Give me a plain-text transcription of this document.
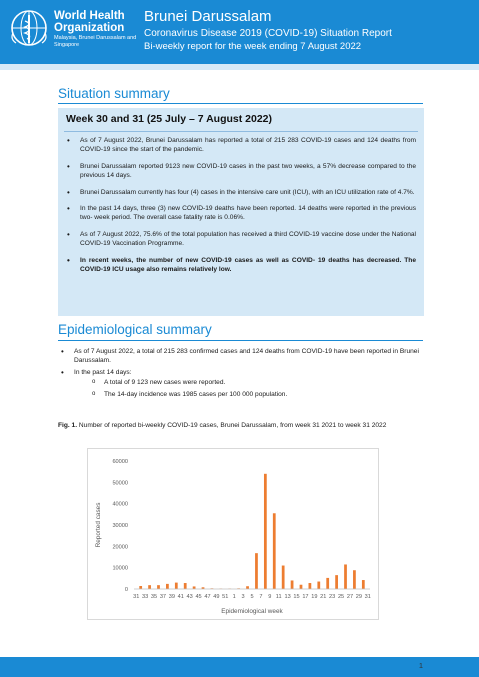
World Health Organization
Malaysia, Brunei Darussalam and Singapore
Brunei Darussalam
Coronavirus Disease 2019 (COVID-19) Situation Report
Bi-weekly report for the week ending 7 August 2022
Situation summary
Week 30 and 31 (25 July – 7 August 2022)
• As of 7 August 2022, Brunei Darussalam has reported a total of 215 283 COVID-19 cases and 124 deaths from COVID-19 since the start of the pandemic.
• Brunei Darussalam reported 9123 new COVID-19 cases in the past two weeks, a 57% decrease compared to the previous 14 days.
• Brunei Darussalam currently has four (4) cases in the intensive care unit (ICU), with an ICU utilization rate of 4.7%.
• In the past 14 days, three (3) new COVID-19 deaths have been reported. 14 deaths were reported in the previous two- week period. The overall case fatality rate is 0.06%.
• As of 7 August 2022, 75.6% of the total population has received a third COVID-19 vaccine dose under the National COVID-19 Vaccination Programme.
• In recent weeks, the number of new COVID-19 cases as well as COVID- 19 deaths has decreased. The COVID-19 ICU usage also remains relatively low.
Epidemiological summary
• As of 7 August 2022, a total of 215 283 confirmed cases and 124 deaths from COVID-19 have been reported in Brunei Darussalam.
• In the past 14 days:
o A total of 9 123 new cases were reported.
o The 14-day incidence was 1985 cases per 100 000 population.
Fig. 1. Number of reported bi-weekly COVID-19 cases, Brunei Darussalam, from week 31 2021 to week 31 2022
0
10000
20000
30000
40000
50000
60000
31 33 35 37 39 41 43 45 47 49 51 1 3 5 7 9 11 13 15 17 19 21 23 25 27 29 31
Epidemiological week
Reported cases
1
